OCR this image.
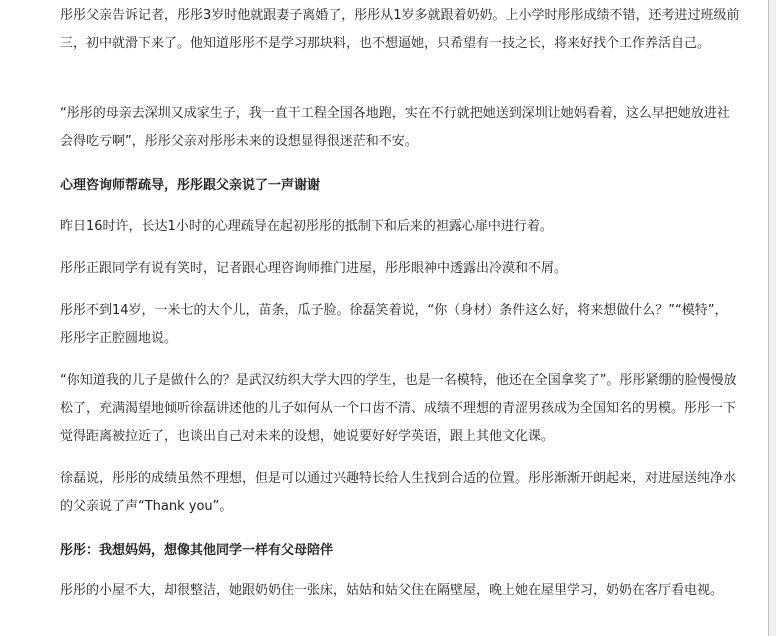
彤彤父亲告诉记者，彤彤3岁时他就跟妻子离婚了，彤彤从1岁多就跟着奶奶。上小学时彤彤成绩不错，还考进过班级前三，初中就滑下来了。他知道彤彤不是学习那块料，也不想逼她，只希望有一技之长，将来好找个工作养活自己。

“彤彤的母亲去深圳又成家生子，我一直干工程全国各地跑，实在不行就把她送到深圳让她妈看着，这么早把她放进社会得吃亏啊”，彤彤父亲对彤彤未来的设想显得很迷茫和不安。

心理咨询师帮疏导，彤彤跟父亲说了一声谢谢

昨日16时许，长达1小时的心理疏导在起初彤彤的抵制下和后来的袒露心扉中进行着。

彤彤正跟同学有说有笑时，记者跟心理咨询师推门进屋，彤彤眼神中透露出冷漠和不屑。

彤彤不到14岁，一米七的大个儿，苗条，瓜子脸。徐磊笑着说，“你（身材）条件这么好，将来想做什么？”“模特”，彤彤字正腔圆地说。

“你知道我的儿子是做什么的？是武汉纺织大学大四的学生，也是一名模特，他还在全国拿奖了”。彤彤紧绷的脸慢慢放松了，充满渴望地倾听徐磊讲述他的儿子如何从一个口齿不清、成绩不理想的青涩男孩成为全国知名的男模。彤彤一下觉得距离被拉近了，也谈出自己对未来的设想，她说要好好学英语，跟上其他文化课。

徐磊说，彤彤的成绩虽然不理想，但是可以通过兴趣特长给人生找到合适的位置。彤彤渐渐开朗起来，对进屋送纯净水的父亲说了声“Thank you”。

彤彤：我想妈妈，想像其他同学一样有父母陪伴

彤彤的小屋不大，却很整洁，她跟奶奶住一张床，姑姑和姑父住在隔壁屋，晚上她在屋里学习，奶奶在客厅看电视。
